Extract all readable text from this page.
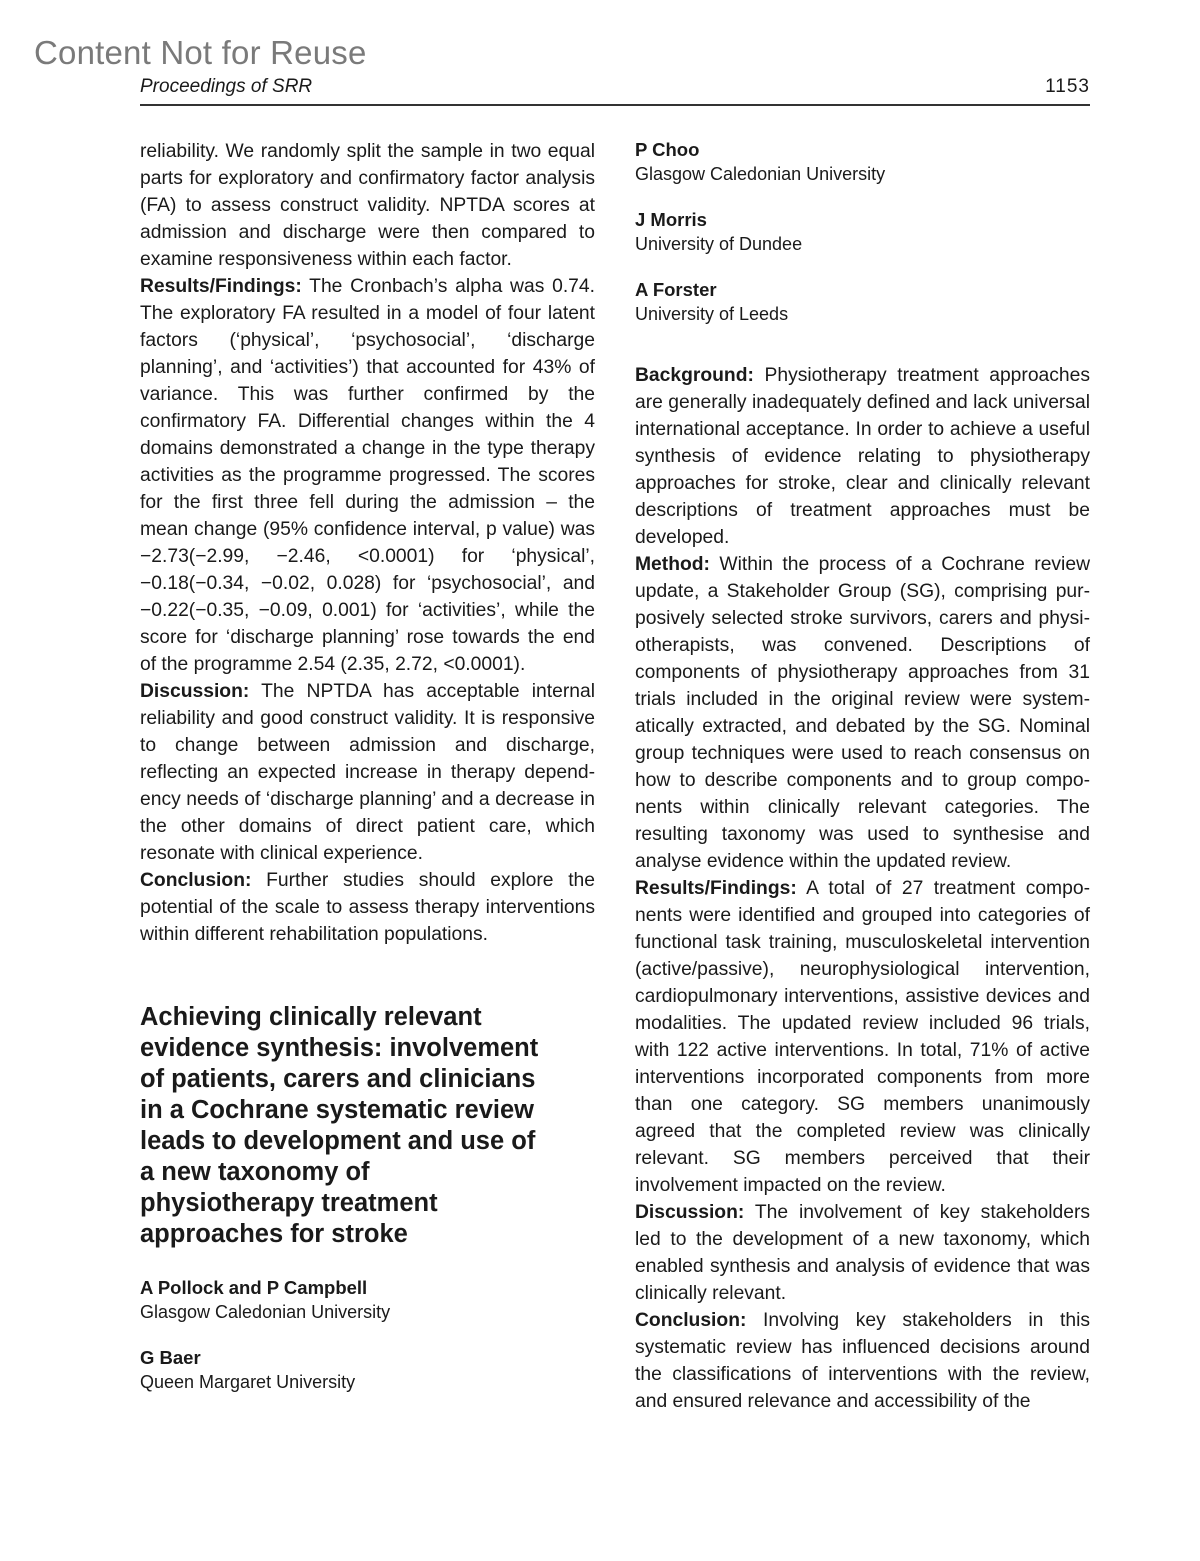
Content Not for Reuse
Proceedings of SRR	1153

reliability. We randomly split the sample in two equal parts for exploratory and confirmatory factor analysis (FA) to assess construct validity. NPTDA scores at admission and discharge were then compared to examine responsiveness within each factor.

Results/Findings: The Cronbach’s alpha was 0.74. The exploratory FA resulted in a model of four latent factors (‘physical’, ‘psychosocial’, ‘discharge planning’, and ‘activities’) that accounted for 43% of variance. This was further confirmed by the confirmatory FA. Differential changes within the 4 domains demonstrated a change in the type therapy activities as the programme progressed. The scores for the first three fell during the admission – the mean change (95% confidence interval, p value) was −2.73(−2.99, −2.46, <0.0001) for ‘physical’, −0.18(−0.34, −0.02, 0.028) for ‘psychosocial’, and −0.22(−0.35, −0.09, 0.001) for ‘activities’, while the score for ‘discharge planning’ rose towards the end of the programme 2.54 (2.35, 2.72, <0.0001).

Discussion: The NPTDA has acceptable internal reliability and good construct validity. It is responsive to change between admission and discharge, reflecting an expected increase in therapy dependency needs of ‘discharge planning’ and a decrease in the other domains of direct patient care, which resonate with clinical experience.

Conclusion: Further studies should explore the potential of the scale to assess therapy interventions within different rehabilitation populations.

Achieving clinically relevant evidence synthesis: involvement of patients, carers and clinicians in a Cochrane systematic review leads to development and use of a new taxonomy of physiotherapy treatment approaches for stroke
A Pollock and P Campbell
Glasgow Caledonian University
G Baer
Queen Margaret University
P Choo
Glasgow Caledonian University
J Morris
University of Dundee
A Forster
University of Leeds

Background: Physiotherapy treatment approaches are generally inadequately defined and lack universal international acceptance. In order to achieve a useful synthesis of evidence relating to physiotherapy approaches for stroke, clear and clinically relevant descriptions of treatment approaches must be developed.

Method: Within the process of a Cochrane review update, a Stakeholder Group (SG), comprising purposively selected stroke survivors, carers and physiotherapists, was convened. Descriptions of components of physiotherapy approaches from 31 trials included in the original review were systematically extracted, and debated by the SG. Nominal group techniques were used to reach consensus on how to describe components and to group components within clinically relevant categories. The resulting taxonomy was used to synthesise and analyse evidence within the updated review.

Results/Findings: A total of 27 treatment components were identified and grouped into categories of functional task training, musculoskeletal intervention (active/passive), neurophysiological intervention, cardiopulmonary interventions, assistive devices and modalities. The updated review included 96 trials, with 122 active interventions. In total, 71% of active interventions incorporated components from more than one category. SG members unanimously agreed that the completed review was clinically relevant. SG members perceived that their involvement impacted on the review.

Discussion: The involvement of key stakeholders led to the development of a new taxonomy, which enabled synthesis and analysis of evidence that was clinically relevant.

Conclusion: Involving key stakeholders in this systematic review has influenced decisions around the classifications of interventions with the review, and ensured relevance and accessibility of the
